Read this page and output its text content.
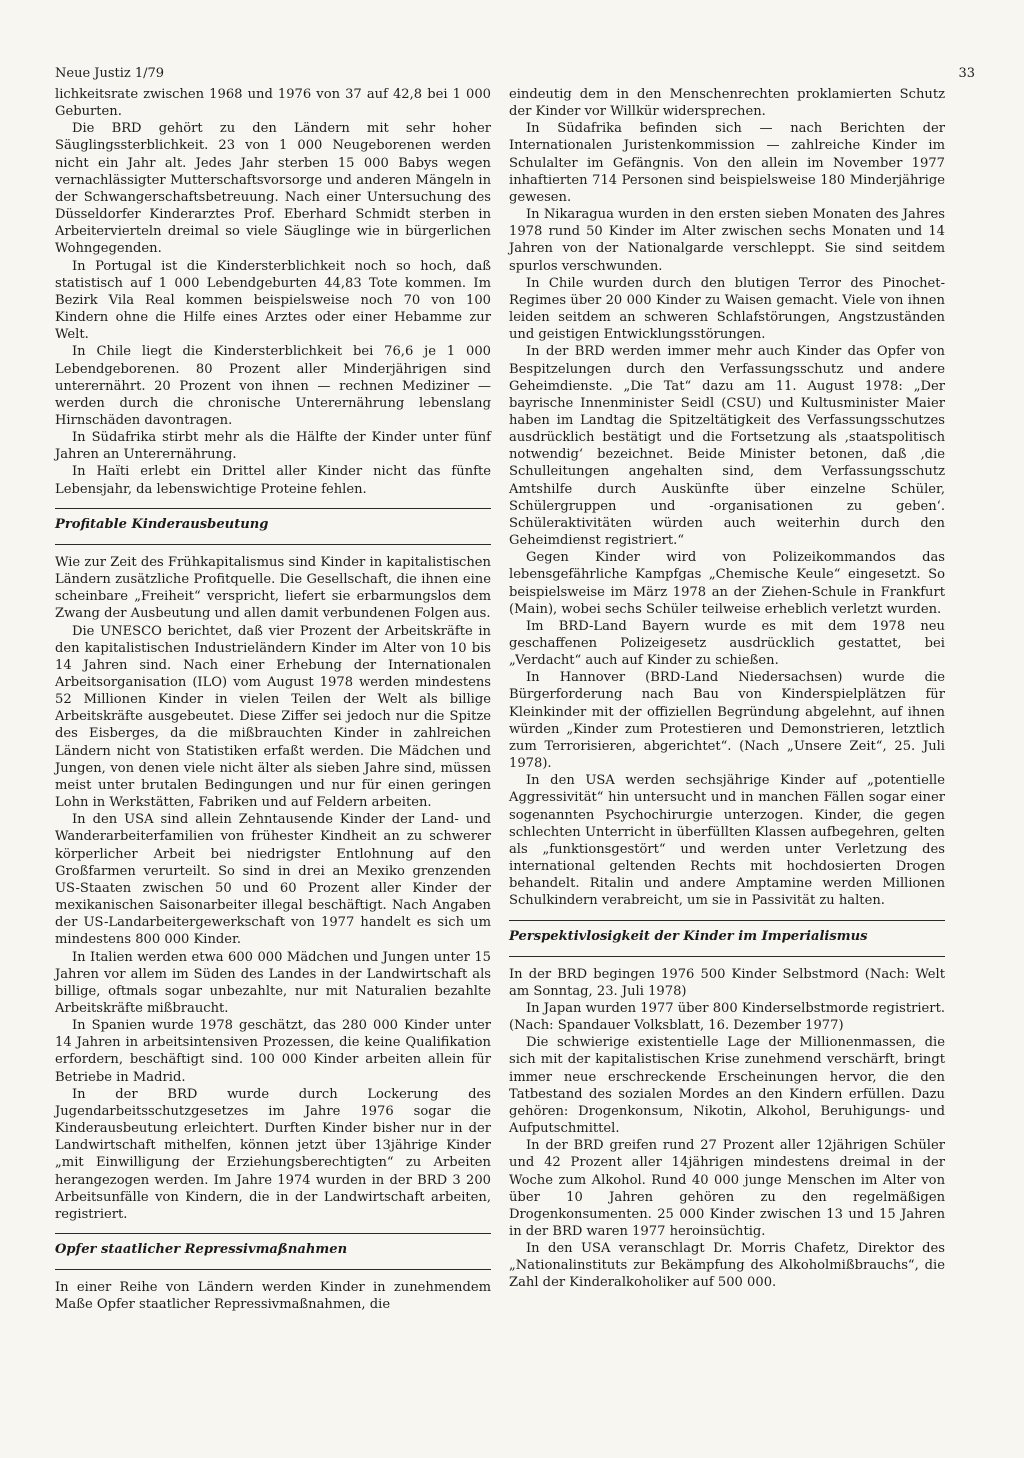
Neue Justiz 1/79	33

lichkeitsrate zwischen 1968 und 1976 von 37 auf 42,8 bei 1 000 Geburten.

Die BRD gehört zu den Ländern mit sehr hoher Säuglingssterblichkeit. 23 von 1 000 Neugeborenen werden nicht ein Jahr alt. Jedes Jahr sterben 15 000 Babys wegen vernachlässigter Mutterschaftsvorsorge und anderen Mängeln in der Schwangerschaftsbetreuung. Nach einer Untersuchung des Düsseldorfer Kinderarztes Prof. Eberhard Schmidt sterben in Arbeitervierteln dreimal so viele Säuglinge wie in bürgerlichen Wohngegenden.

In Portugal ist die Kindersterblichkeit noch so hoch, daß statistisch auf 1 000 Lebendgeburten 44,83 Tote kommen. Im Bezirk Vila Real kommen beispielsweise noch 70 von 100 Kindern ohne die Hilfe eines Arztes oder einer Hebamme zur Welt.

In Chile liegt die Kindersterblichkeit bei 76,6 je 1 000 Lebendgeborenen. 80 Prozent aller Minderjährigen sind unterernährt. 20 Prozent von ihnen — rechnen Mediziner — werden durch die chronische Unterernährung lebenslang Hirnschäden davontragen.

In Südafrika stirbt mehr als die Hälfte der Kinder unter fünf Jahren an Unterernährung.

In Haïti erlebt ein Drittel aller Kinder nicht das fünfte Lebensjahr, da lebenswichtige Proteine fehlen.

Profitable Kinderausbeutung

Wie zur Zeit des Frühkapitalismus sind Kinder in kapitalistischen Ländern zusätzliche Profitquelle. Die Gesellschaft, die ihnen eine scheinbare „Freiheit“ verspricht, liefert sie erbarmungslos dem Zwang der Ausbeutung und allen damit verbundenen Folgen aus.

Die UNESCO berichtet, daß vier Prozent der Arbeitskräfte in den kapitalistischen Industrieländern Kinder im Alter von 10 bis 14 Jahren sind. Nach einer Erhebung der Internationalen Arbeitsorganisation (ILO) vom August 1978 werden mindestens 52 Millionen Kinder in vielen Teilen der Welt als billige Arbeitskräfte ausgebeutet. Diese Ziffer sei jedoch nur die Spitze des Eisberges, da die mißbrauchten Kinder in zahlreichen Ländern nicht von Statistiken erfaßt werden. Die Mädchen und Jungen, von denen viele nicht älter als sieben Jahre sind, müssen meist unter brutalen Bedingungen und nur für einen geringen Lohn in Werkstätten, Fabriken und auf Feldern arbeiten.

In den USA sind allein Zehntausende Kinder der Land- und Wanderarbeiterfamilien von frühester Kindheit an zu schwerer körperlicher Arbeit bei niedrigster Entlohnung auf den Großfarmen verurteilt. So sind in drei an Mexiko grenzenden US-Staaten zwischen 50 und 60 Prozent aller Kinder der mexikanischen Saisonarbeiter illegal beschäftigt. Nach Angaben der US-Landarbeitergewerkschaft von 1977 handelt es sich um mindestens 800 000 Kinder.

In Italien werden etwa 600 000 Mädchen und Jungen unter 15 Jahren vor allem im Süden des Landes in der Landwirtschaft als billige, oftmals sogar unbezahlte, nur mit Naturalien bezahlte Arbeitskräfte mißbraucht.

In Spanien wurde 1978 geschätzt, das 280 000 Kinder unter 14 Jahren in arbeitsintensiven Prozessen, die keine Qualifikation erfordern, beschäftigt sind. 100 000 Kinder arbeiten allein für Betriebe in Madrid.

In der BRD wurde durch Lockerung des Jugendarbeitsschutzgesetzes im Jahre 1976 sogar die Kinderausbeutung erleichtert. Durften Kinder bisher nur in der Landwirtschaft mithelfen, können jetzt über 13jährige Kinder „mit Einwilligung der Erziehungsberechtigten“ zu Arbeiten herangezogen werden. Im Jahre 1974 wurden in der BRD 3 200 Arbeitsunfälle von Kindern, die in der Landwirtschaft arbeiten, registriert.

Opfer staatlicher Repressivmaßnahmen

In einer Reihe von Ländern werden Kinder in zunehmendem Maße Opfer staatlicher Repressivmaßnahmen, die

eindeutig dem in den Menschenrechten proklamierten Schutz der Kinder vor Willkür widersprechen.

In Südafrika befinden sich — nach Berichten der Internationalen Juristenkommission — zahlreiche Kinder im Schulalter im Gefängnis. Von den allein im November 1977 inhaftierten 714 Personen sind beispielsweise 180 Minderjährige gewesen.

In Nikaragua wurden in den ersten sieben Monaten des Jahres 1978 rund 50 Kinder im Alter zwischen sechs Monaten und 14 Jahren von der Nationalgarde verschleppt. Sie sind seitdem spurlos verschwunden.

In Chile wurden durch den blutigen Terror des Pinochet-Regimes über 20 000 Kinder zu Waisen gemacht. Viele von ihnen leiden seitdem an schweren Schlafstörungen, Angstzuständen und geistigen Entwicklungsstörungen.

In der BRD werden immer mehr auch Kinder das Opfer von Bespitzelungen durch den Verfassungsschutz und andere Geheimdienste. „Die Tat“ dazu am 11. August 1978: „Der bayrische Innenminister Seidl (CSU) und Kultusminister Maier haben im Landtag die Spitzeltätigkeit des Verfassungsschutzes ausdrücklich bestätigt und die Fortsetzung als ‚staatspolitisch notwendig‘ bezeichnet. Beide Minister betonen, daß ‚die Schulleitungen angehalten sind, dem Verfassungsschutz Amtshilfe durch Auskünfte über einzelne Schüler, Schülergruppen und -organisationen zu geben‘. Schüleraktivitäten würden auch weiterhin durch den Geheimdienst registriert.“

Gegen Kinder wird von Polizeikommandos das lebensgefährliche Kampfgas „Chemische Keule“ eingesetzt. So beispielsweise im März 1978 an der Ziehen-Schule in Frankfurt (Main), wobei sechs Schüler teilweise erheblich verletzt wurden.

Im BRD-Land Bayern wurde es mit dem 1978 neu geschaffenen Polizeigesetz ausdrücklich gestattet, bei „Verdacht“ auch auf Kinder zu schießen.

In Hannover (BRD-Land Niedersachsen) wurde die Bürgerforderung nach Bau von Kinderspielplätzen für Kleinkinder mit der offiziellen Begründung abgelehnt, auf ihnen würden „Kinder zum Protestieren und Demonstrieren, letztlich zum Terrorisieren, abgerichtet“. (Nach „Unsere Zeit“, 25. Juli 1978).

In den USA werden sechsjährige Kinder auf „potentielle Aggressivität“ hin untersucht und in manchen Fällen sogar einer sogenannten Psychochirurgie unterzogen. Kinder, die gegen schlechten Unterricht in überfüllten Klassen aufbegehren, gelten als „funktionsgestört“ und werden unter Verletzung des international geltenden Rechts mit hochdosierten Drogen behandelt. Ritalin und andere Amptamine werden Millionen Schulkindern verabreicht, um sie in Passivität zu halten.

Perspektivlosigkeit der Kinder im Imperialismus

In der BRD begingen 1976 500 Kinder Selbstmord (Nach: Welt am Sonntag, 23. Juli 1978)

In Japan wurden 1977 über 800 Kinderselbstmorde registriert. (Nach: Spandauer Volksblatt, 16. Dezember 1977)

Die schwierige existentielle Lage der Millionenmassen, die sich mit der kapitalistischen Krise zunehmend verschärft, bringt immer neue erschreckende Erscheinungen hervor, die den Tatbestand des sozialen Mordes an den Kindern erfüllen. Dazu gehören: Drogenkonsum, Nikotin, Alkohol, Beruhigungs- und Aufputschmittel.

In der BRD greifen rund 27 Prozent aller 12jährigen Schüler und 42 Prozent aller 14jährigen mindestens dreimal in der Woche zum Alkohol. Rund 40 000 junge Menschen im Alter von über 10 Jahren gehören zu den regelmäßigen Drogenkonsumenten. 25 000 Kinder zwischen 13 und 15 Jahren in der BRD waren 1977 heroinsüchtig.

In den USA veranschlagt Dr. Morris Chafetz, Direktor des „Nationalinstituts zur Bekämpfung des Alkoholmißbrauchs“, die Zahl der Kinderalkoholiker auf 500 000.
